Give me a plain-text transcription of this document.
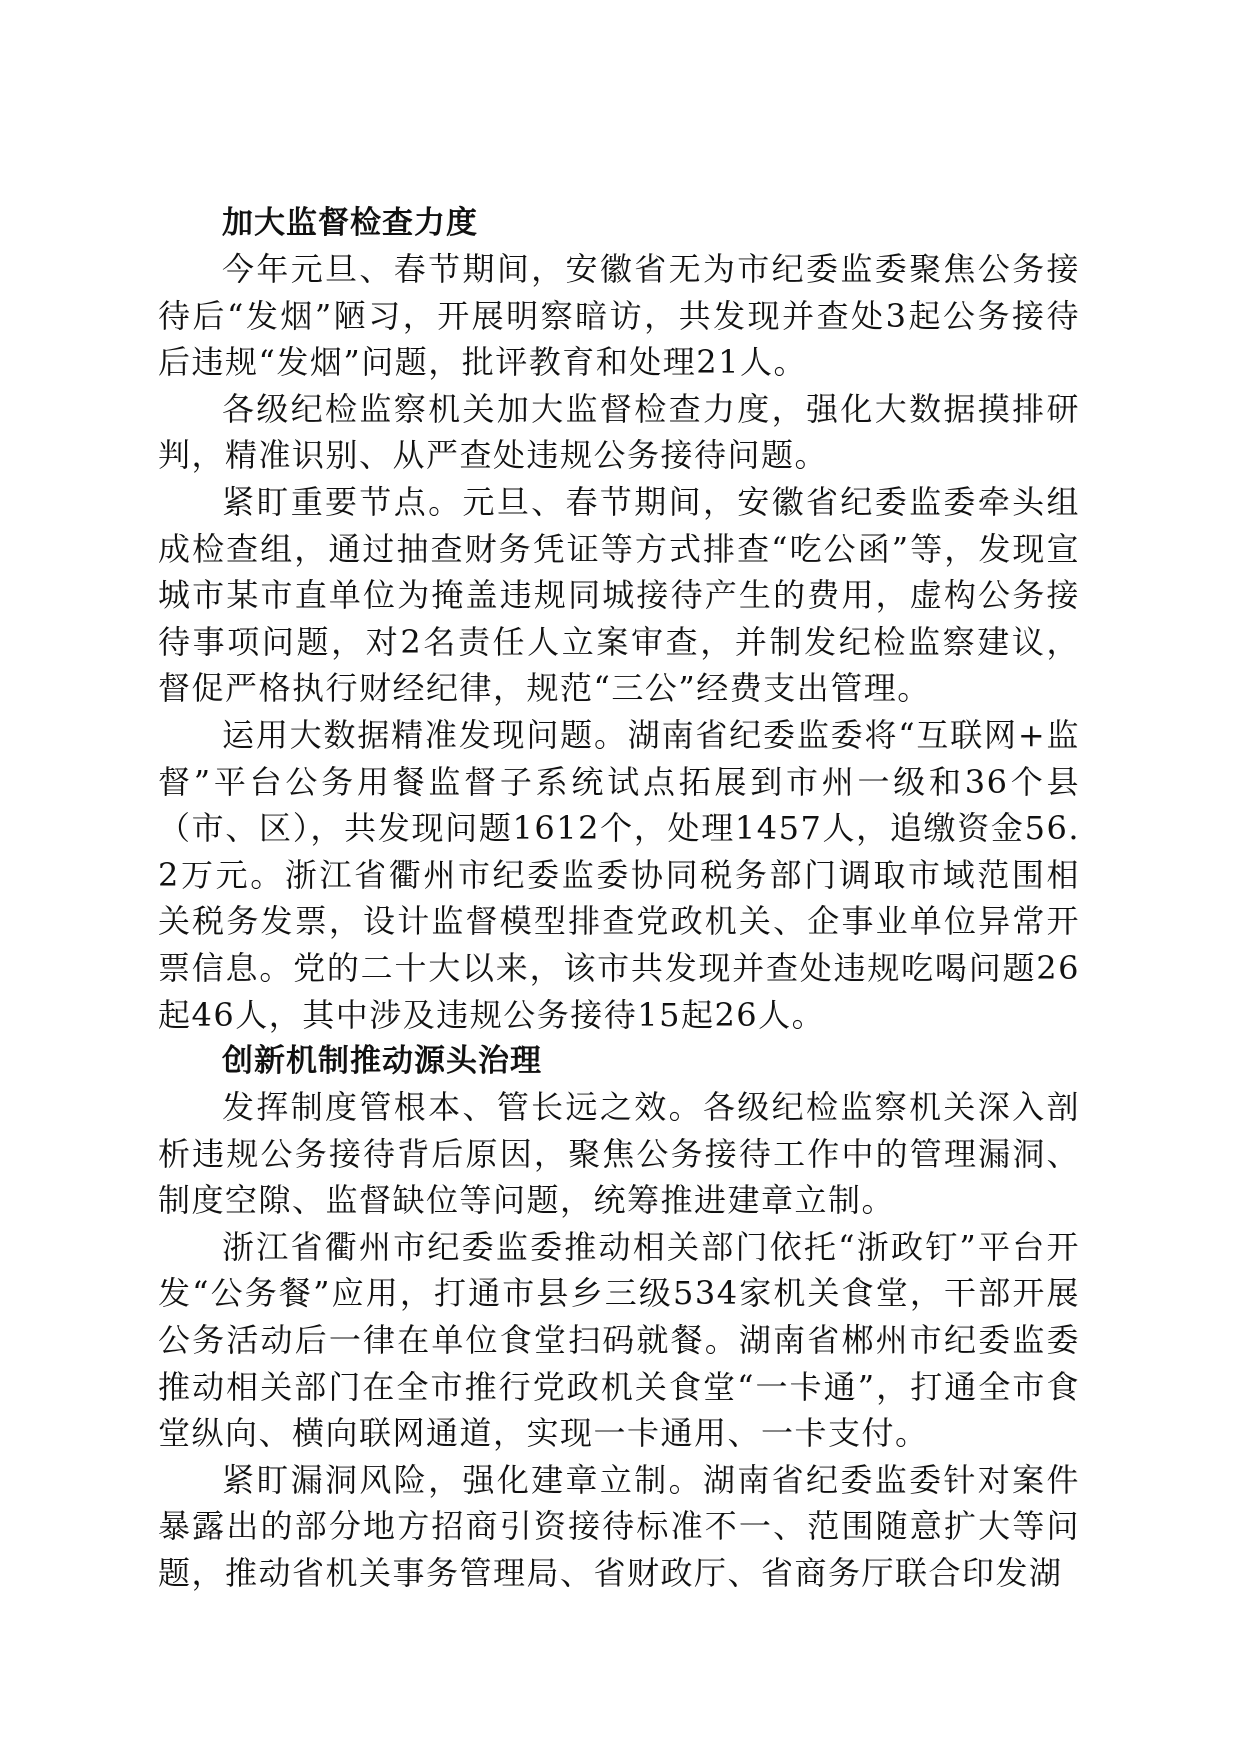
加大监督检查力度

今年元旦、春节期间，安徽省无为市纪委监委聚焦公务接待后“发烟”陋习，开展明察暗访，共发现并查处3起公务接待后违规“发烟”问题，批评教育和处理21人。

各级纪检监察机关加大监督检查力度，强化大数据摸排研判，精准识别、从严查处违规公务接待问题。

紧盯重要节点。元旦、春节期间，安徽省纪委监委牵头组成检查组，通过抽查财务凭证等方式排查“吃公函”等，发现宣城市某市直单位为掩盖违规同城接待产生的费用，虚构公务接待事项问题，对2名责任人立案审查，并制发纪检监察建议，督促严格执行财经纪律，规范“三公”经费支出管理。

运用大数据精准发现问题。湖南省纪委监委将“互联网+监督”平台公务用餐监督子系统试点拓展到市州一级和36个县（市、区），共发现问题1612个，处理1457人，追缴资金56.2万元。浙江省衢州市纪委监委协同税务部门调取市域范围相关税务发票，设计监督模型排查党政机关、企事业单位异常开票信息。党的二十大以来，该市共发现并查处违规吃喝问题26起46人，其中涉及违规公务接待15起26人。

创新机制推动源头治理

发挥制度管根本、管长远之效。各级纪检监察机关深入剖析违规公务接待背后原因，聚焦公务接待工作中的管理漏洞、制度空隙、监督缺位等问题，统筹推进建章立制。

浙江省衢州市纪委监委推动相关部门依托“浙政钉”平台开发“公务餐”应用，打通市县乡三级534家机关食堂，干部开展公务活动后一律在单位食堂扫码就餐。湖南省郴州市纪委监委推动相关部门在全市推行党政机关食堂“一卡通”，打通全市食堂纵向、横向联网通道，实现一卡通用、一卡支付。

紧盯漏洞风险，强化建章立制。湖南省纪委监委针对案件暴露出的部分地方招商引资接待标准不一、范围随意扩大等问题，推动省机关事务管理局、省财政厅、省商务厅联合印发湖
